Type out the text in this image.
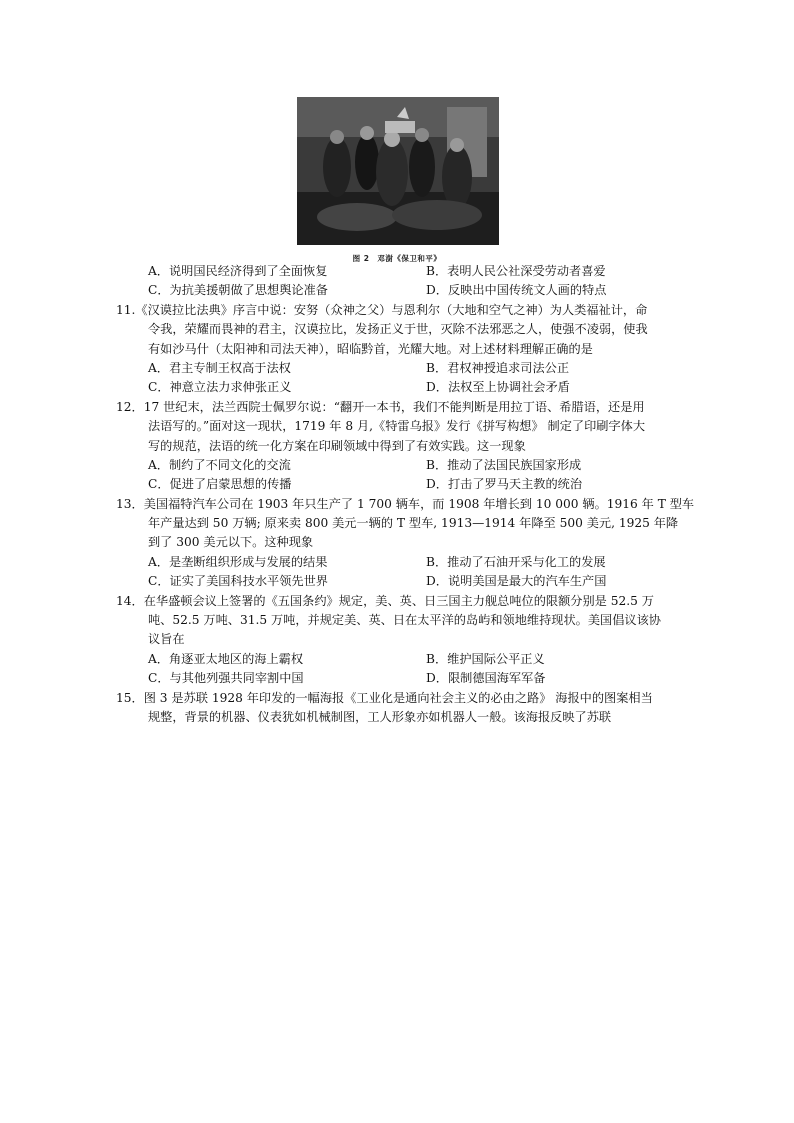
图 2　邓澍《保卫和平》
A．说明国民经济得到了全面恢复	B．表明人民公社深受劳动者喜爱
C．为抗美援朝做了思想舆论准备	D．反映出中国传统文人画的特点
11.《汉谟拉比法典》序言中说：安努（众神之父）与恩利尔（大地和空气之神）为人类福祉计，命
令我，荣耀而畏神的君主，汉谟拉比，发扬正义于世，灭除不法邪恶之人，使强不凌弱，使我
有如沙马什（太阳神和司法天神），昭临黔首，光耀大地。对上述材料理解正确的是
A．君主专制王权高于法权	B．君权神授追求司法公正
C．神意立法力求伸张正义	D．法权至上协调社会矛盾
12．17 世纪末，法兰西院士佩罗尔说：“翻开一本书，我们不能判断是用拉丁语、希腊语，还是用
法语写的。”面对这一现状，1719 年 8 月,《特雷乌报》发行《拼写构想》 制定了印刷字体大
写的规范，法语的统一化方案在印刷领域中得到了有效实践。这一现象
A．制约了不同文化的交流	B．推动了法国民族国家形成
C．促进了启蒙思想的传播	D．打击了罗马天主教的统治
13．美国福特汽车公司在 1903 年只生产了 1 700 辆车，而 1908 年增长到 10 000 辆。1916 年 T 型车
年产量达到 50 万辆; 原来卖 800 美元一辆的 T 型车, 1913—1914 年降至 500 美元, 1925 年降
到了 300 美元以下。这种现象
A．是垄断组织形成与发展的结果	B．推动了石油开采与化工的发展
C．证实了美国科技水平领先世界	D．说明美国是最大的汽车生产国
14．在华盛顿会议上签署的《五国条约》规定，美、英、日三国主力舰总吨位的限额分别是 52.5 万
吨、52.5 万吨、31.5 万吨，并规定美、英、日在太平洋的岛屿和领地维持现状。美国倡议该协
议旨在
A．角逐亚太地区的海上霸权	B．维护国际公平正义
C．与其他列强共同宰割中国	D．限制德国海军军备
15．图 3 是苏联 1928 年印发的一幅海报《工业化是通向社会主义的必由之路》 海报中的图案相当
规整，背景的机器、仪表犹如机械制图，工人形象亦如机器人一般。该海报反映了苏联
